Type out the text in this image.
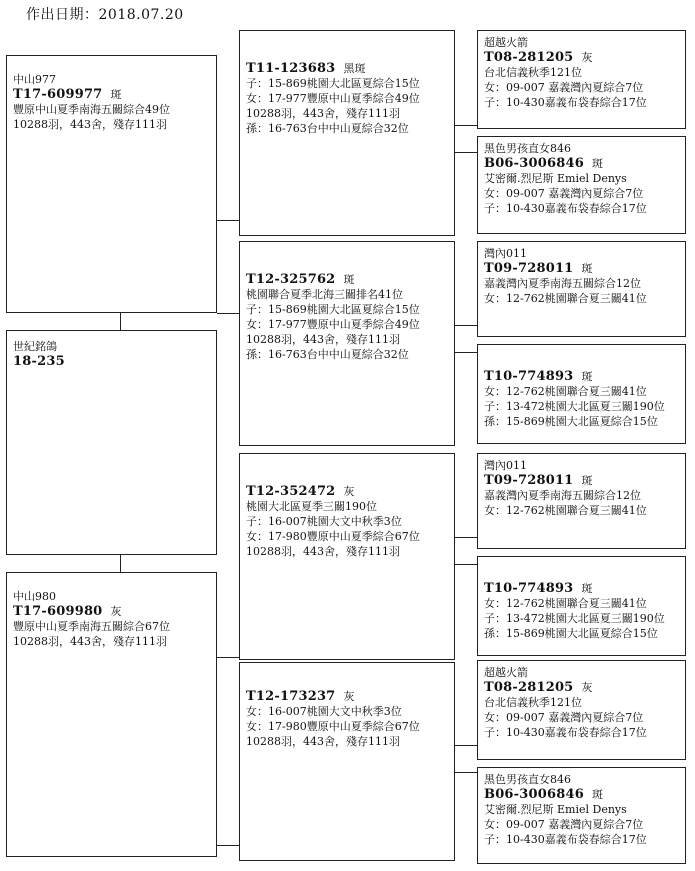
作出日期：2018.07.20
中山977
T17-609977 斑
豐原中山夏季南海五關綜合49位
10288羽，443舍，殘存111羽
世紀銘鴿
18-235
中山980
T17-609980 灰
豐原中山夏季南海五關綜合67位
10288羽，443舍，殘存111羽
T11-123683 黑斑
子：15-869桃園大北區夏綜合15位
女：17-977豐原中山夏季綜合49位
10288羽，443舍，殘存111羽
孫：16-763台中中山夏綜合32位
T12-325762 斑
桃園聯合夏季北海三關排名41位
子：15-869桃園大北區夏綜合15位
女：17-977豐原中山夏季綜合49位
10288羽，443舍，殘存111羽
孫：16-763台中中山夏綜合32位
T12-352472 灰
桃園大北區夏季三關190位
子：16-007桃園大文中秋季3位
女：17-980豐原中山夏季綜合67位
10288羽，443舍，殘存111羽
T12-173237 灰
女：16-007桃園大文中秋季3位
女：17-980豐原中山夏季綜合67位
10288羽，443舍，殘存111羽
超越火箭
T08-281205 灰
台北信義秋季121位
女：09-007 嘉義灣內夏綜合7位
子：10-430嘉義布袋春綜合17位
黑色男孩直女846
B06-3006846 斑
艾密爾.烈尼斯 Emiel Denys
女：09-007 嘉義灣內夏綜合7位
子：10-430嘉義布袋春綜合17位
灣內011
T09-728011 斑
嘉義灣內夏季南海五關綜合12位
女：12-762桃園聯合夏三關41位
T10-774893 斑
女：12-762桃園聯合夏三關41位
子：13-472桃園大北區夏三關190位
孫：15-869桃園大北區夏綜合15位
灣內011
T09-728011 斑
嘉義灣內夏季南海五關綜合12位
女：12-762桃園聯合夏三關41位
T10-774893 斑
女：12-762桃園聯合夏三關41位
子：13-472桃園大北區夏三關190位
孫：15-869桃園大北區夏綜合15位
超越火箭
T08-281205 灰
台北信義秋季121位
女：09-007 嘉義灣內夏綜合7位
子：10-430嘉義布袋春綜合17位
黑色男孩直女846
B06-3006846 斑
艾密爾.烈尼斯 Emiel Denys
女：09-007 嘉義灣內夏綜合7位
子：10-430嘉義布袋春綜合17位
